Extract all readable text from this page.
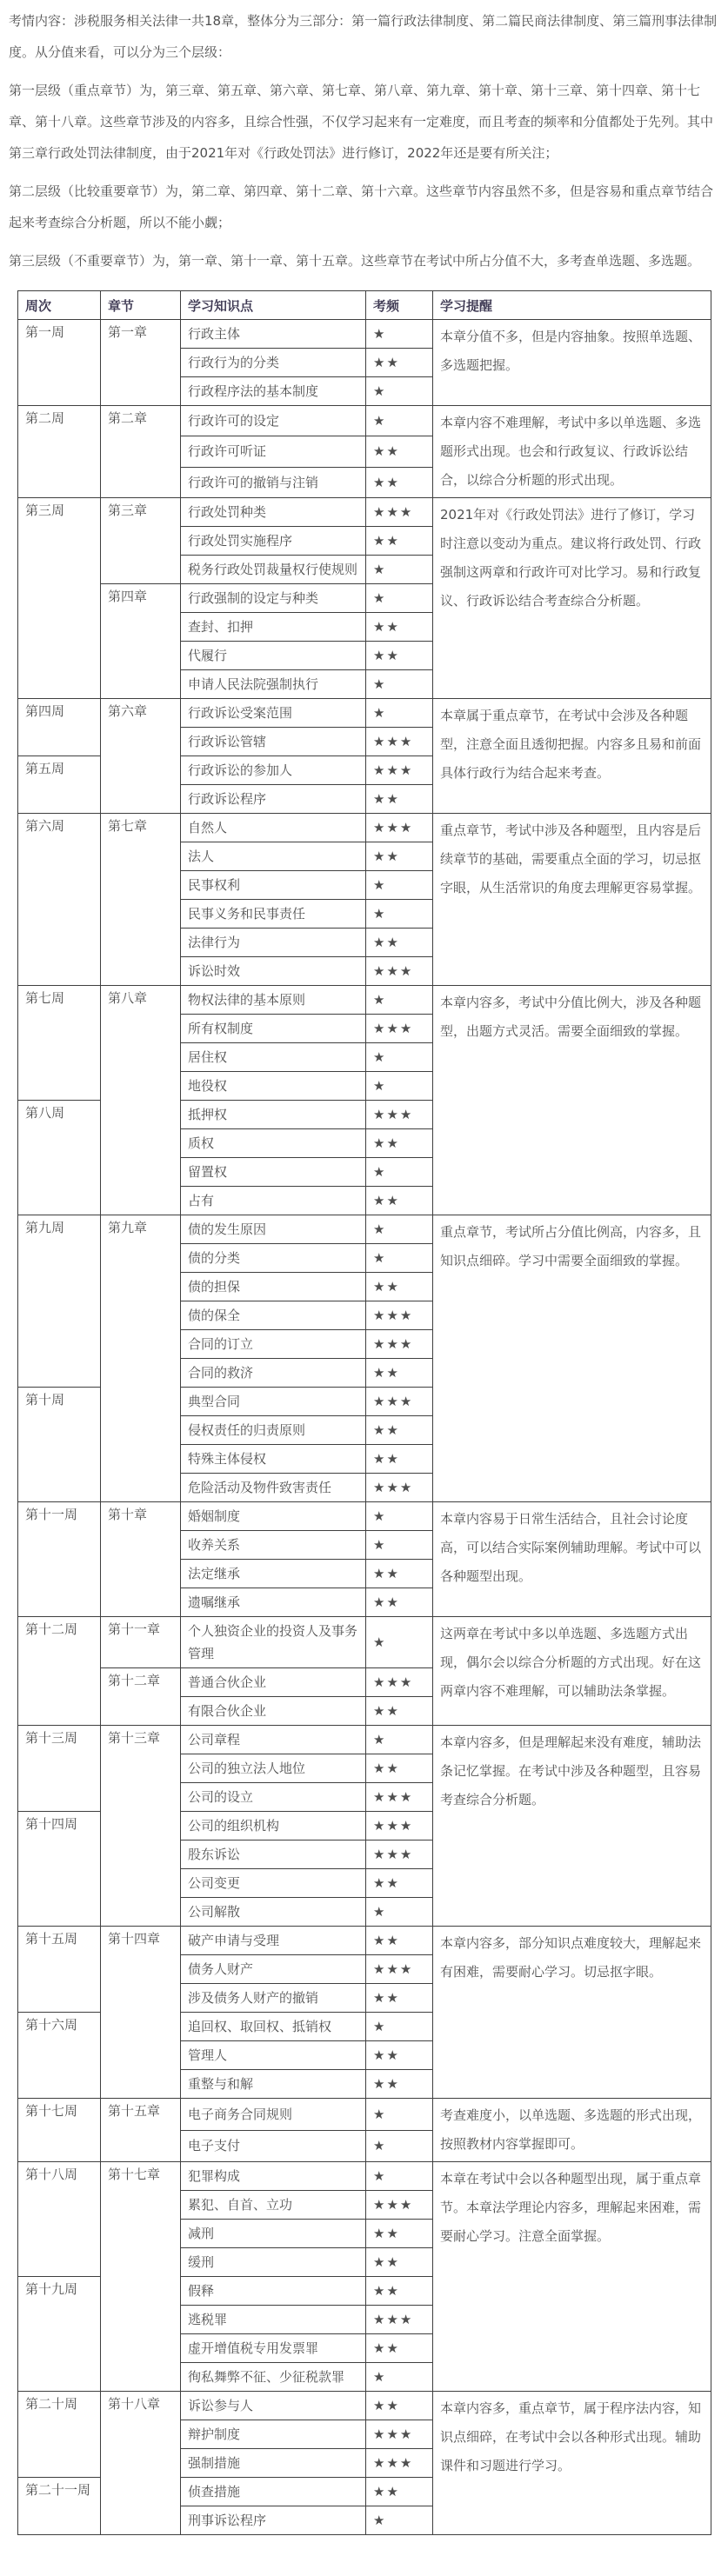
考情内容：涉税服务相关法律一共18章，整体分为三部分：第一篇行政法律制度、第二篇民商法律制度、第三篇刑事法律制度。从分值来看，可以分为三个层级：

第一层级（重点章节）为，第三章、第五章、第六章、第七章、第八章、第九章、第十章、第十三章、第十四章、第十七章、第十八章。这些章节涉及的内容多，且综合性强，不仅学习起来有一定难度，而且考查的频率和分值都处于先列。其中第三章行政处罚法律制度，由于2021年对《行政处罚法》进行修订，2022年还是要有所关注；

第二层级（比较重要章节）为，第二章、第四章、第十二章、第十六章。这些章节内容虽然不多，但是容易和重点章节结合起来考查综合分析题，所以不能小觑；

第三层级（不重要章节）为，第一章、第十一章、第十五章。这些章节在考试中所占分值不大，多考查单选题、多选题。

周次	章节	学习知识点	考频	学习提醒
第一周	第一章	行政主体	★	本章分值不多，但是内容抽象。按照单选题、多选题把握。
		行政行为的分类	★★	
		行政程序法的基本制度	★	
第二周	第二章	行政许可的设定	★	本章内容不难理解，考试中多以单选题、多选题形式出现。也会和行政复议、行政诉讼结合，以综合分析题的形式出现。
		行政许可听证	★★	
		行政许可的撤销与注销	★★	
第三周	第三章	行政处罚种类	★★★	2021年对《行政处罚法》进行了修订，学习时注意以变动为重点。建议将行政处罚、行政强制这两章和行政许可对比学习。易和行政复议、行政诉讼结合考查综合分析题。
		行政处罚实施程序	★★	
		税务行政处罚裁量权行使规则	★	
	第四章	行政强制的设定与种类	★	
		查封、扣押	★★	
		代履行	★★	
		申请人民法院强制执行	★	
第四周	第六章	行政诉讼受案范围	★	本章属于重点章节，在考试中会涉及各种题型，注意全面且透彻把握。内容多且易和前面具体行政行为结合起来考查。
		行政诉讼管辖	★★★	
第五周		行政诉讼的参加人	★★★	
		行政诉讼程序	★★	
第六周	第七章	自然人	★★★	重点章节，考试中涉及各种题型，且内容是后续章节的基础，需要重点全面的学习，切忌抠字眼，从生活常识的角度去理解更容易掌握。
		法人	★★	
		民事权利	★	
		民事义务和民事责任	★	
		法律行为	★★	
		诉讼时效	★★★	
第七周	第八章	物权法律的基本原则	★	本章内容多，考试中分值比例大，涉及各种题型，出题方式灵活。需要全面细致的掌握。
		所有权制度	★★★	
		居住权	★	
		地役权	★	
第八周		抵押权	★★★	
		质权	★★	
		留置权	★	
		占有	★★	
第九周	第九章	债的发生原因	★	重点章节，考试所占分值比例高，内容多，且知识点细碎。学习中需要全面细致的掌握。
		债的分类	★	
		债的担保	★★	
		债的保全	★★★	
		合同的订立	★★★	
		合同的救济	★★	
第十周		典型合同	★★★	
		侵权责任的归责原则	★★	
		特殊主体侵权	★★	
		危险活动及物件致害责任	★★★	
第十一周	第十章	婚姻制度	★	本章内容易于日常生活结合，且社会讨论度高，可以结合实际案例辅助理解。考试中可以各种题型出现。
		收养关系	★	
		法定继承	★★	
		遗嘱继承	★★	
第十二周	第十一章	个人独资企业的投资人及事务管理	★	这两章在考试中多以单选题、多选题方式出现，偶尔会以综合分析题的方式出现。好在这两章内容不难理解，可以辅助法条掌握。
	第十二章	普通合伙企业	★★★	
		有限合伙企业	★★	
第十三周	第十三章	公司章程	★	本章内容多，但是理解起来没有难度，辅助法条记忆掌握。在考试中涉及各种题型，且容易考查综合分析题。
		公司的独立法人地位	★★	
		公司的设立	★★★	
第十四周		公司的组织机构	★★★	
		股东诉讼	★★★	
		公司变更	★★	
		公司解散	★	
第十五周	第十四章	破产申请与受理	★★	本章内容多，部分知识点难度较大，理解起来有困难，需要耐心学习。切忌抠字眼。
		债务人财产	★★★	
		涉及债务人财产的撤销	★★	
第十六周		追回权、取回权、抵销权	★	
		管理人	★★	
		重整与和解	★★	
第十七周	第十五章	电子商务合同规则	★	考查难度小，以单选题、多选题的形式出现，按照教材内容掌握即可。
		电子支付	★	
第十八周	第十七章	犯罪构成	★	本章在考试中会以各种题型出现，属于重点章节。本章法学理论内容多，理解起来困难，需要耐心学习。注意全面掌握。
		累犯、自首、立功	★★★	
		减刑	★★	
		缓刑	★★	
第十九周		假释	★★	
		逃税罪	★★★	
		虚开增值税专用发票罪	★★	
		徇私舞弊不征、少征税款罪	★	
第二十周	第十八章	诉讼参与人	★★	本章内容多，重点章节，属于程序法内容，知识点细碎，在考试中会以各种形式出现。辅助课件和习题进行学习。
		辩护制度	★★★	
		强制措施	★★★	
第二十一周		侦查措施	★★	
		刑事诉讼程序	★	
